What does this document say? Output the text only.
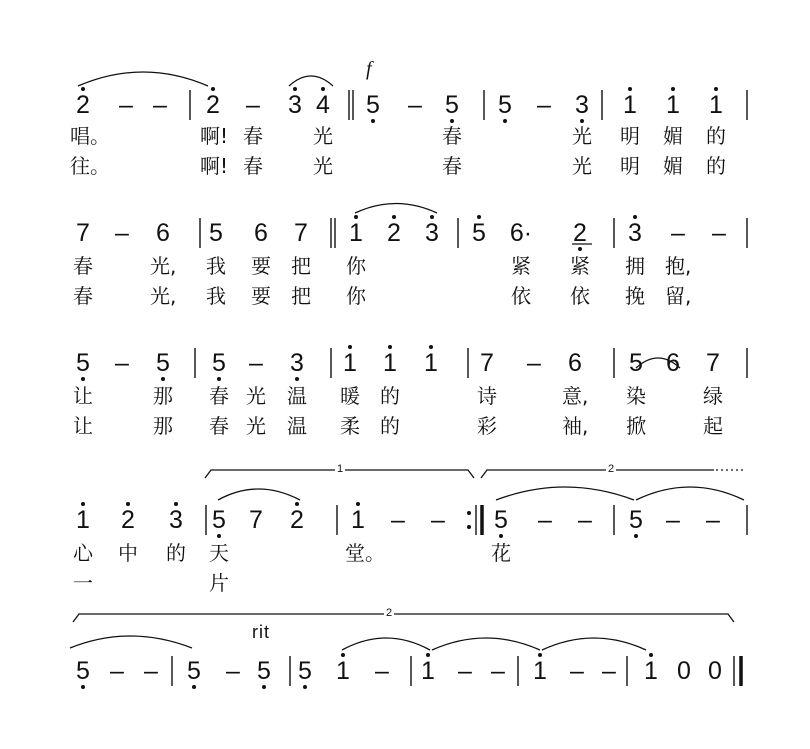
2 – – 2 – 3 4 5 – 5 5 – 3 1 1 1
唱。	啊! 春	光	春	光 明 媚 的
往。	啊! 春	光	春	光 明 媚 的
7 – 6 5 6 7 1 2 3 5 6· 2 3 – –
春	光, 我 要 把 你	紧 紧 拥 抱,
春	光, 我 要 把 你	依 依 挽 留,
5 – 5 5 – 3 1 1 1 7 – 6 5 6 7
让	那 春 光 温 暖 的	诗	意, 染	绿
让	那 春 光 温 柔 的	彩	袖, 掀	起
1 2 3 5 7 2 1 – – 5 – – 5 – –
心 中 的 天	堂。	花
一	片
5 – – 5 – 5 5 1 – 1 – – 1 – – 1 0 0
f
rit
1	2
2
